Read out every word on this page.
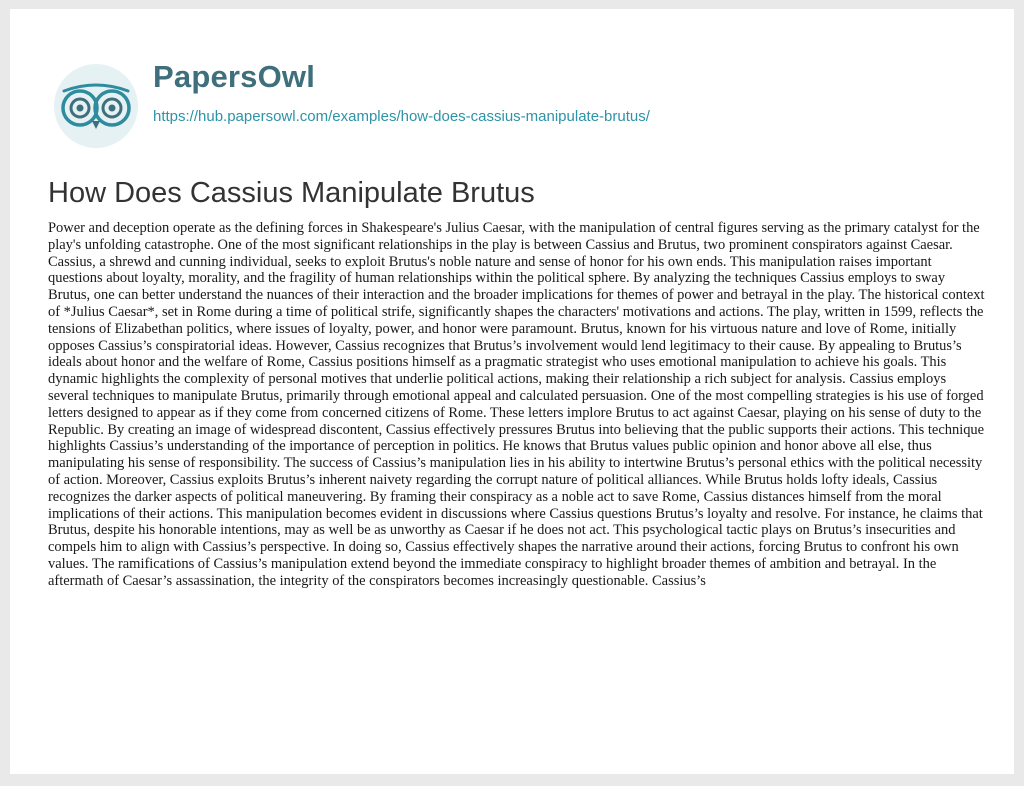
PapersOwl
https://hub.papersowl.com/examples/how-does-cassius-manipulate-brutus/
How Does Cassius Manipulate Brutus

Power and deception operate as the defining forces in Shakespeare's Julius Caesar, with the manipulation of central figures serving as the primary catalyst for the play's unfolding catastrophe. One of the most significant relationships in the play is between Cassius and Brutus, two prominent conspirators against Caesar. Cassius, a shrewd and cunning individual, seeks to exploit Brutus's noble nature and sense of honor for his own ends. This manipulation raises important questions about loyalty, morality, and the fragility of human relationships within the political sphere. By analyzing the techniques Cassius employs to sway Brutus, one can better understand the nuances of their interaction and the broader implications for themes of power and betrayal in the play. The historical context of *Julius Caesar*, set in Rome during a time of political strife, significantly shapes the characters' motivations and actions. The play, written in 1599, reflects the tensions of Elizabethan politics, where issues of loyalty, power, and honor were paramount. Brutus, known for his virtuous nature and love of Rome, initially opposes Cassius’s conspiratorial ideas. However, Cassius recognizes that Brutus’s involvement would lend legitimacy to their cause. By appealing to Brutus’s ideals about honor and the welfare of Rome, Cassius positions himself as a pragmatic strategist who uses emotional manipulation to achieve his goals. This dynamic highlights the complexity of personal motives that underlie political actions, making their relationship a rich subject for analysis. Cassius employs several techniques to manipulate Brutus, primarily through emotional appeal and calculated persuasion. One of the most compelling strategies is his use of forged letters designed to appear as if they come from concerned citizens of Rome. These letters implore Brutus to act against Caesar, playing on his sense of duty to the Republic. By creating an image of widespread discontent, Cassius effectively pressures Brutus into believing that the public supports their actions. This technique highlights Cassius’s understanding of the importance of perception in politics. He knows that Brutus values public opinion and honor above all else, thus manipulating his sense of responsibility. The success of Cassius’s manipulation lies in his ability to intertwine Brutus’s personal ethics with the political necessity of action. Moreover, Cassius exploits Brutus’s inherent naivety regarding the corrupt nature of political alliances. While Brutus holds lofty ideals, Cassius recognizes the darker aspects of political maneuvering. By framing their conspiracy as a noble act to save Rome, Cassius distances himself from the moral implications of their actions. This manipulation becomes evident in discussions where Cassius questions Brutus’s loyalty and resolve. For instance, he claims that Brutus, despite his honorable intentions, may as well be as unworthy as Caesar if he does not act. This psychological tactic plays on Brutus’s insecurities and compels him to align with Cassius’s perspective. In doing so, Cassius effectively shapes the narrative around their actions, forcing Brutus to confront his own values. The ramifications of Cassius’s manipulation extend beyond the immediate conspiracy to highlight broader themes of ambition and betrayal. In the aftermath of Caesar’s assassination, the integrity of the conspirators becomes increasingly questionable. Cassius’s
